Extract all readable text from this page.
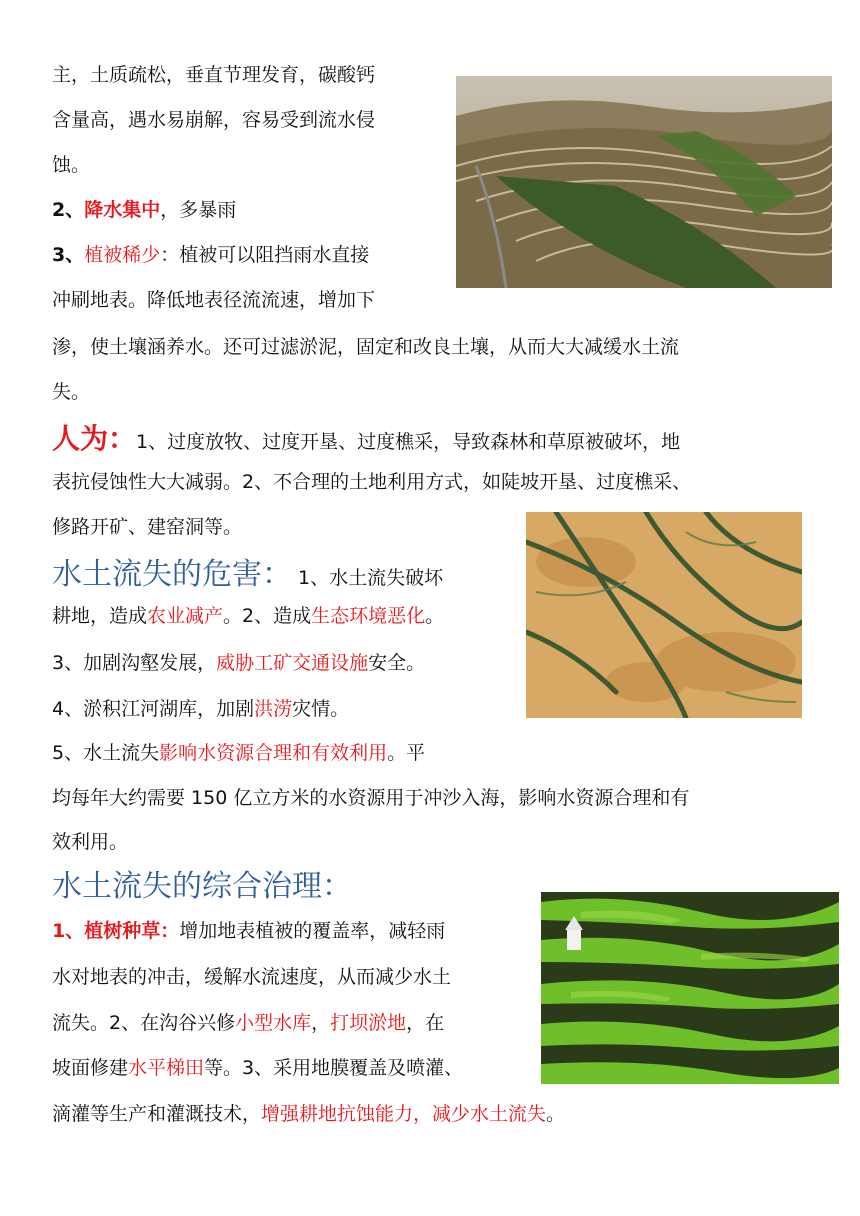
主，土质疏松，垂直节理发育，碳酸钙
含量高，遇水易崩解，容易受到流水侵
蚀。
2、降水集中，多暴雨
3、植被稀少：植被可以阻挡雨水直接
冲刷地表。降低地表径流流速，增加下
渗，使土壤涵养水。还可过滤淤泥，固定和改良土壤，从而大大减缓水土流
失。
人为：1、过度放牧、过度开垦、过度樵采，导致森林和草原被破坏，地
表抗侵蚀性大大减弱。2、不合理的土地利用方式，如陡坡开垦、过度樵采、
修路开矿、建窑洞等。
水土流失的危害： 1、水土流失破坏
耕地，造成农业减产。2、造成生态环境恶化。
3、加剧沟壑发展，威胁工矿交通设施安全。
4、淤积江河湖库，加剧洪涝灾情。
5、水土流失影响水资源合理和有效利用。平
均每年大约需要 150 亿立方米的水资源用于冲沙入海，影响水资源合理和有
效利用。
水土流失的综合治理：
1、植树种草：增加地表植被的覆盖率，减轻雨
水对地表的冲击，缓解水流速度，从而减少水土
流失。2、在沟谷兴修小型水库，打坝淤地，在
坡面修建水平梯田等。3、采用地膜覆盖及喷灌、
滴灌等生产和灌溉技术，增强耕地抗蚀能力，减少水土流失。
